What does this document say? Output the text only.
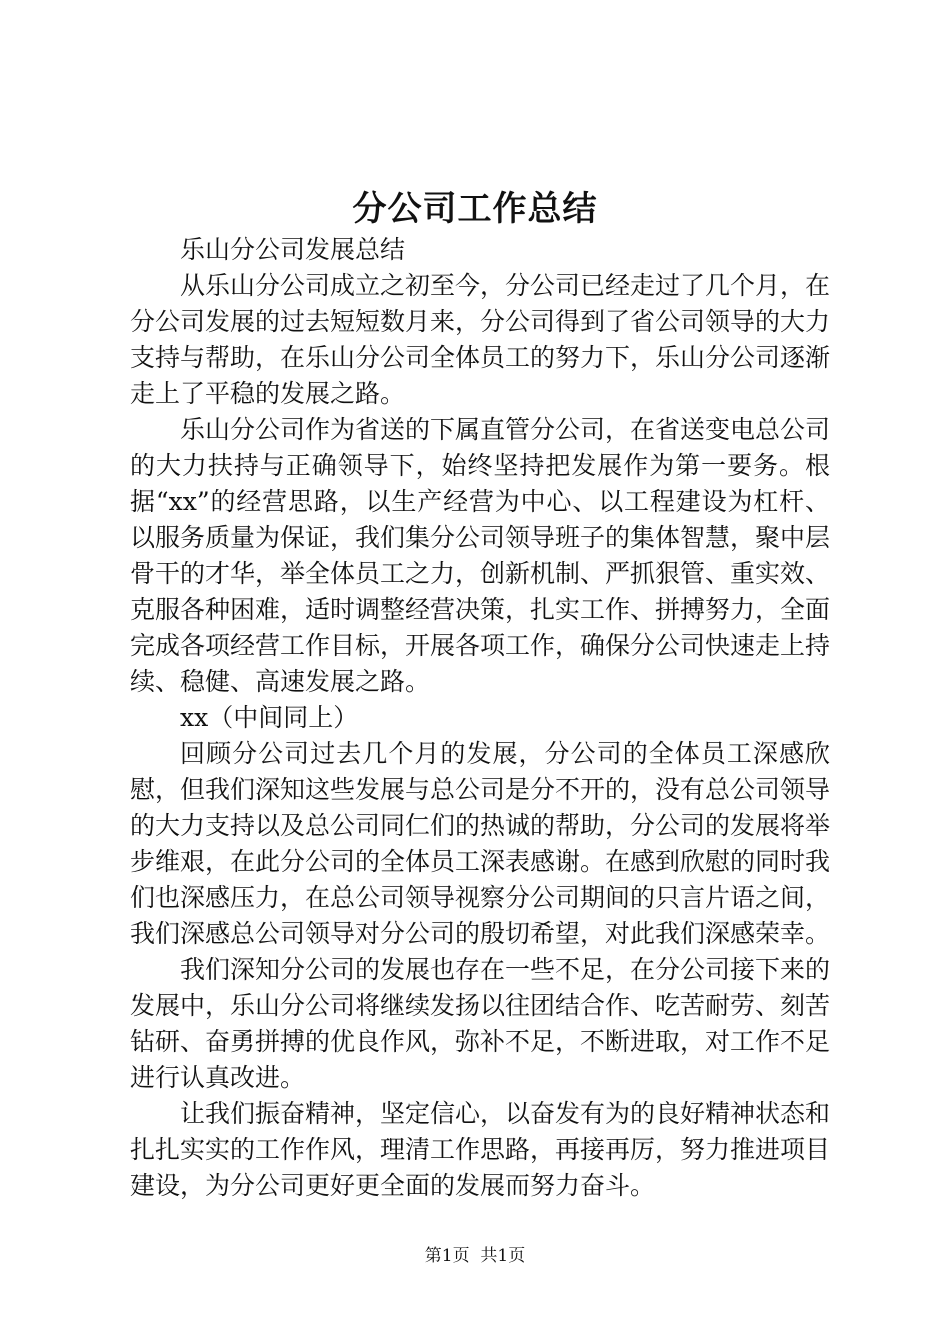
分公司工作总结

乐山分公司发展总结

从乐山分公司成立之初至今，分公司已经走过了几个月，在分公司发展的过去短短数月来，分公司得到了省公司领导的大力支持与帮助，在乐山分公司全体员工的努力下，乐山分公司逐渐走上了平稳的发展之路。

乐山分公司作为省送的下属直管分公司，在省送变电总公司的大力扶持与正确领导下，始终坚持把发展作为第一要务。根据“xx”的经营思路，以生产经营为中心、以工程建设为杠杆、以服务质量为保证，我们集分公司领导班子的集体智慧，聚中层骨干的才华，举全体员工之力，创新机制、严抓狠管、重实效、克服各种困难，适时调整经营决策，扎实工作、拼搏努力，全面完成各项经营工作目标，开展各项工作，确保分公司快速走上持续、稳健、高速发展之路。

xx（中间同上）

回顾分公司过去几个月的发展，分公司的全体员工深感欣慰，但我们深知这些发展与总公司是分不开的，没有总公司领导的大力支持以及总公司同仁们的热诚的帮助，分公司的发展将举步维艰，在此分公司的全体员工深表感谢。在感到欣慰的同时我们也深感压力，在总公司领导视察分公司期间的只言片语之间，我们深感总公司领导对分公司的殷切希望，对此我们深感荣幸。

我们深知分公司的发展也存在一些不足，在分公司接下来的发展中，乐山分公司将继续发扬以往团结合作、吃苦耐劳、刻苦钻研、奋勇拼搏的优良作风，弥补不足，不断进取，对工作不足进行认真改进。

让我们振奋精神，坚定信心，以奋发有为的良好精神状态和扎扎实实的工作作风，理清工作思路，再接再厉，努力推进项目建设，为分公司更好更全面的发展而努力奋斗。

第1页 共1页
